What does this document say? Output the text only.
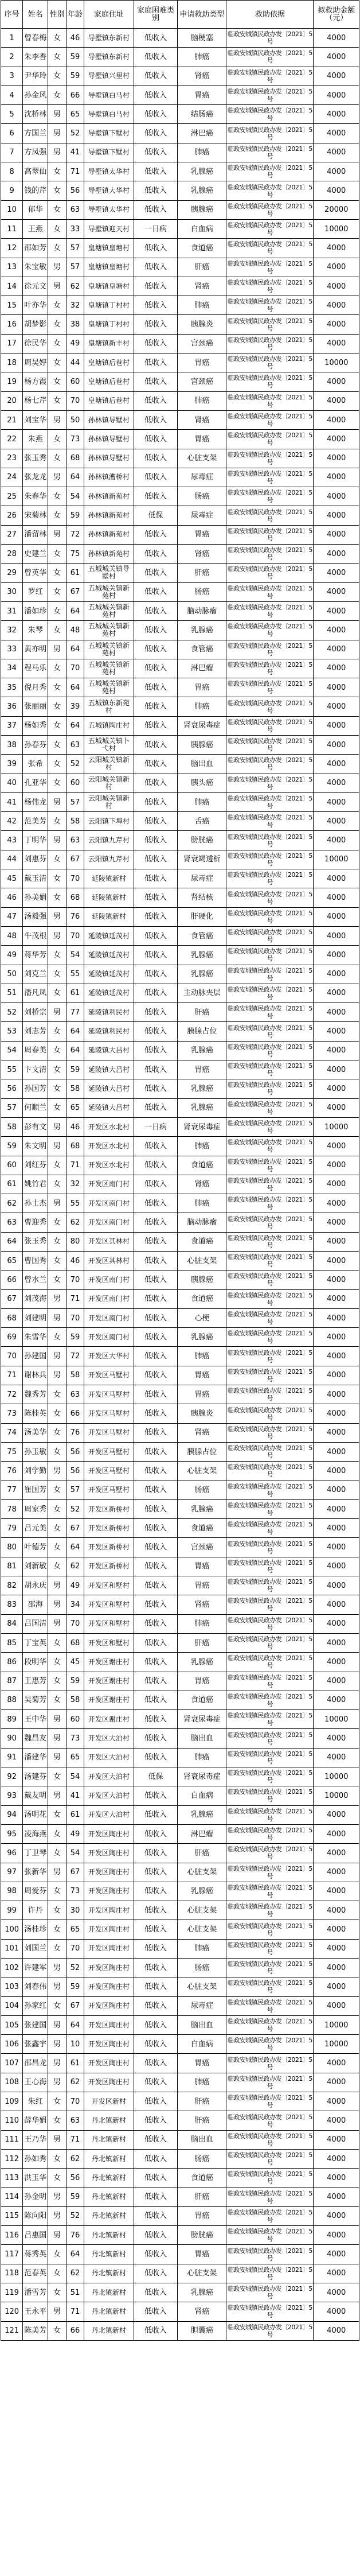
序号	姓名	性别	年龄	家庭住址	家庭困难类别	申请救助类型	救助依据	拟救助金额（元）
1	曾春梅	女	46	导墅镇东新村	低收入	脑梗塞	临政安城镇民政办发〔2021〕5号	4000
2	朱李香	女	59	导墅镇东新村	低收入	肺癌	临政安城镇民政办发〔2021〕5号	4000
3	尹华玲	女	59	导墅镇兴里村	低收入	肾癌	临政安城镇民政办发〔2021〕5号	4000
4	孙金风	女	66	导墅镇白马村	低收入	胃癌	临政安城镇民政办发〔2021〕5号	4000
5	沈桥林	男	65	导墅镇白马村	低收入	结肠癌	临政安城镇民政办发〔2021〕5号	4000
6	方国兰	男	52	导墅镇下墅村	低收入	淋巴癌	临政安城镇民政办发〔2021〕5号	4000
7	方凤强	男	41	导墅镇下墅村	低收入	肺癌	临政安城镇民政办发〔2021〕5号	4000
8	高翠仙	女	71	导墅镇太华村	低收入	乳腺癌	临政安城镇民政办发〔2021〕5号	4000
9	钱的芹	女	56	导墅镇大华村	低收入	乳腺癌	临政安城镇民政办发〔2021〕5号	4000
10	郁华	女	63	导墅镇太华村	低收入	胰腺癌	临政安城镇民政办发〔2021〕5号	20000
11	王燕	女	33	导墅镇迎天村	一日病	白血病	临政安城镇民政办发〔2021〕5号	10000
12	邵如芳	女	57	皇塘镇皇塘村	低收入	食道癌	临政安城镇民政办发〔2021〕5号	4000
13	朱宝敏	男	57	皇塘镇皇塘村	低收入	肝癌	临政安城镇民政办发〔2021〕5号	4000
14	徐元文	男	62	皇塘镇皇塘村	低收入	肾癌	临政安城镇民政办发〔2021〕5号	4000
15	叶亦华	女	32	皇塘镇丁村村	低收入	肺癌	临政安城镇民政办发〔2021〕5号	4000
16	胡梦影	女	38	皇塘镇丁村村	低收入	胰腺炎	临政安城镇民政办发〔2021〕5号	4000
17	徐民华	女	49	皇塘镇新丰村	低收入	宫颈癌	临政安城镇民政办发〔2021〕5号	4000
18	周吴婷	女	44	皇塘镇后巷村	低收入	胃癌	临政安城镇民政办发〔2021〕5号	10000
19	杨方霞	女	60	皇塘镇后巷村	低收入	宫颈癌	临政安城镇民政办发〔2021〕5号	4000
20	杨七芹	女	70	皇塘镇后巷村	低收入	肺癌	临政安城镇民政办发〔2021〕5号	4000
21	刘宝华	男	50	孙林镇导墅村	低收入	肾癌	临政安城镇民政办发〔2021〕5号	4000
22	朱燕	女	73	孙林镇导墅村	低收入	胃癌	临政安城镇民政办发〔2021〕5号	4000
23	张玉秀	女	68	孙林镇导墅村	低收入	心脏支架	临政安城镇民政办发〔2021〕5号	4000
24	张龙龙	男	64	孙林镇漕桥村	低收入	尿毒症	临政安城镇民政办发〔2021〕5号	4000
25	朱春华	女	54	孙林镇新苑村	低收入	肠癌	临政安城镇民政办发〔2021〕5号	4000
26	宋菊林	女	59	孙林镇新苑村	低保	尿毒症	临政安城镇民政办发〔2021〕5号	4000
27	潘留林	男	72	孙林镇新苑村	低收入	胃癌	临政安城镇民政办发〔2021〕5号	4000
28	史建兰	女	75	孙林镇新苑村	低收入	肾癌	临政安城镇民政办发〔2021〕5号	4000
29	曾英华	女	61	五城城关镇导墅村	低收入	肝癌	临政安城镇民政办发〔2021〕5号	4000
30	罗红	女	67	五城城关镇新苑村	低收入	肠癌	临政安城镇民政办发〔2021〕5号	4000
31	潘如珍	女	64	五城城关镇新苑村	低收入	脑动脉瘤	临政安城镇民政办发〔2021〕5号	4000
32	朱琴	女	48	五城城关镇新苑村	低收入	乳腺癌	临政安城镇民政办发〔2021〕5号	4000
33	黄亦明	男	64	五城城关镇新苑村	低收入	食管癌	临政安城镇民政办发〔2021〕5号	4000
34	程马乐	女	70	五城城关镇新苑村	低收入	淋巴瘤	临政安城镇民政办发〔2021〕5号	4000
35	倪月秀	女	64	五城城关镇新苑村	低收入	胃癌	临政安城镇民政办发〔2021〕5号	4000
36	张丽丽	女	39	五城镇东新苑村	低收入	肺癌	临政安城镇民政办发〔2021〕5号	4000
37	杨如秀	女	64	五城镇陶庄村	低收入	肾衰尿毒症	临政安城镇民政办发〔2021〕5号	4000
38	孙春芬	女	63	五城城关镇卜弋村	低收入	胰腺癌	临政安城镇民政办发〔2021〕5号	4000
39	张希	女	52	云阳城关镇新村	低收入	脑出血	临政安城镇民政办发〔2021〕5号	4000
40	孔亚华	女	60	云阳城关镇新村	低收入	胰头癌	临政安城镇民政办发〔2021〕5号	4000
41	杨伟龙	男	57	云阳城关镇新村	低收入	肺癌	临政安城镇民政办发〔2021〕5号	4000
42	范美芳	女	58	云阳镇下埠村	低收入	舌癌	临政安城镇民政办发〔2021〕5号	4000
43	丁明华	男	63	云阳镇九芹村	低收入	膀胱癌	临政安城镇民政办发〔2021〕5号	4000
44	刘惠芬	女	67	云阳镇九芹村	低收入	肾衰竭透析	临政安城镇民政办发〔2021〕5号	10000
45	戴玉清	女	70	延陵镇新村	低收入	尿毒症	临政安城镇民政办发〔2021〕5号	4000
46	孙美娟	女	68	延陵镇新村	低收入	肾结核	临政安城镇民政办发〔2021〕5号	4000
47	汤毅强	男	76	延陵镇新村	低收入	肝硬化	临政安城镇民政办发〔2021〕5号	4000
48	牛茂根	男	70	延陵镇延茂村	低收入	食管癌	临政安城镇民政办发〔2021〕5号	4000
49	蒋华芳	女	54	延陵镇延茂村	低收入	乳腺癌	临政安城镇民政办发〔2021〕5号	4000
50	刘克兰	女	55	延陵镇延茂村	低收入	乳腺癌	临政安城镇民政办发〔2021〕5号	4000
51	潘凡凤	女	61	延陵镇延茂村	低收入	主动脉夹层	临政安城镇民政办发〔2021〕5号	4000
52	刘桥宗	男	77	延陵镇利民村	低收入	肝癌	临政安城镇民政办发〔2021〕5号	4000
53	刘志芳	女	64	延陵镇利民村	低收入	胰腺占位	临政安城镇民政办发〔2021〕5号	4000
54	周春美	女	64	延陵镇大吕村	低收入	乳腺癌	临政安城镇民政办发〔2021〕5号	4000
55	卞文清	女	59	延陵镇大吕村	低收入	胃癌	临政安城镇民政办发〔2021〕5号	4000
56	孙国芳	女	58	延陵镇大吕村	低收入	乳腺癌	临政安城镇民政办发〔2021〕5号	4000
57	何顺兰	女	65	延陵镇大吕村	低收入	乳腺癌	临政安城镇民政办发〔2021〕5号	4000
58	彭有文	男	46	开发区水北村	一日病	肾衰尿毒症	临政安城镇民政办发〔2021〕5号	10000
59	朱文明	男	68	开发区水北村	低收入	肺癌	临政安城镇民政办发〔2021〕5号	4000
60	刘红芬	女	71	开发区水北村	低收入	食道癌	临政安城镇民政办发〔2021〕5号	4000
61	姚竹君	女	32	开发区南门村	低收入	肾癌	临政安城镇民政办发〔2021〕5号	4000
62	孙士杰	男	55	开发区南门村	低收入	肺癌	临政安城镇民政办发〔2021〕5号	4000
63	曹迎秀	女	62	开发区南门村	低收入	脑动脉瘤	临政安城镇民政办发〔2021〕5号	4000
64	张玉秀	女	80	开发区其林村	低收入	食道癌	临政安城镇民政办发〔2021〕5号	4000
65	曹国秀	女	46	开发区其林村	低收入	心脏支架	临政安城镇民政办发〔2021〕5号	4000
66	曾水兰	女	70	开发区南门村	低收入	胰腺癌	临政安城镇民政办发〔2021〕5号	4000
67	刘茂海	男	71	开发区南门村	低收入	食道癌	临政安城镇民政办发〔2021〕5号	4000
68	刘建明	男	70	开发区南门村	低收入	心梗	临政安城镇民政办发〔2021〕5号	4000
69	朱雪华	女	59	开发区南门村	低收入	乳腺癌	临政安城镇民政办发〔2021〕5号	4000
70	孙建国	男	72	开发区大华村	低收入	肺癌	临政安城镇民政办发〔2021〕5号	4000
71	谢林兵	男	58	开发区马墅村	低收入	胃癌	临政安城镇民政办发〔2021〕5号	4000
72	魏秀芳	女	63	开发区马墅村	低收入	胃癌	临政安城镇民政办发〔2021〕5号	4000
73	陈桂英	女	66	开发区马墅村	低收入	胰腺炎	临政安城镇民政办发〔2021〕5号	4000
74	汤美华	女	76	开发区马墅村	低收入	肾癌	临政安城镇民政办发〔2021〕5号	4000
75	孙玉敏	女	56	开发区马墅村	低收入	胰腺占位	临政安城镇民政办发〔2021〕5号	4000
76	刘学勤	男	56	开发区马墅村	低收入	心脏支架	临政安城镇民政办发〔2021〕5号	4000
77	崔国芳	女	57	开发区马墅村	低收入	肠癌	临政安城镇民政办发〔2021〕5号	4000
78	周家秀	女	52	开发区新桥村	低收入	乳腺癌	临政安城镇民政办发〔2021〕5号	4000
79	吕元美	女	67	开发区新桥村	低收入	食道癌	临政安城镇民政办发〔2021〕5号	4000
80	叶德芳	女	64	开发区新桥村	低收入	宫颈癌	临政安城镇民政办发〔2021〕5号	4000
81	刘新敏	女	62	开发区新桥村	低收入	胃癌	临政安城镇民政办发〔2021〕5号	4000
82	胡永庆	男	49	开发区和墅村	低收入	胃癌	临政安城镇民政办发〔2021〕5号	4000
83	邵海	男	34	开发区和墅村	低收入	肾癌	临政安城镇民政办发〔2021〕5号	4000
84	吕国清	男	70	开发区和墅村	低收入	肺癌	临政安城镇民政办发〔2021〕5号	4000
85	丁宝英	女	68	开发区和墅村	低收入	肝癌	临政安城镇民政办发〔2021〕5号	4000
86	段明华	女	45	开发区谢庄村	低收入	乳腺癌	临政安城镇民政办发〔2021〕5号	4000
87	王惠芳	女	59	开发区谢庄村	低收入	胃癌	临政安城镇民政办发〔2021〕5号	4000
88	吴菊芳	女	58	开发区谢庄村	低收入	食道癌	临政安城镇民政办发〔2021〕5号	4000
89	王中华	男	60	开发区谢庄村	低收入	肾衰尿毒症	临政安城镇民政办发〔2021〕5号	10000
90	魏昌友	男	73	开发区大泊村	低收入	脑出血	临政安城镇民政办发〔2021〕5号	4000
91	潘建华	男	65	开发区大泊村	低收入	肺癌	临政安城镇民政办发〔2021〕5号	4000
92	汤建芬	女	54	开发区大泊村	低保	肾衰尿毒症	临政安城镇民政办发〔2021〕5号	10000
93	戴友明	男	41	开发区大泊村	低收入	白血病	临政安城镇民政办发〔2021〕5号	10000
94	汤明花	女	61	开发区大泊村	低收入	乳腺癌	临政安城镇民政办发〔2021〕5号	4000
95	凌海燕	女	49	开发区陶庄村	低收入	淋巴瘤	临政安城镇民政办发〔2021〕5号	4000
96	丁卫琴	女	54	开发区陶庄村	低收入	肝癌	临政安城镇民政办发〔2021〕5号	4000
97	张新华	男	67	开发区陶庄村	低收入	心脏支架	临政安城镇民政办发〔2021〕5号	4000
98	周爱芬	女	73	开发区陶庄村	低收入	乳腺癌	临政安城镇民政办发〔2021〕5号	4000
99	许丹	女	30	开发区陶庄村	低收入	心脏支架	临政安城镇民政办发〔2021〕5号	4000
100	汤桂珍	女	65	开发区陶庄村	低收入	心脏支架	临政安城镇民政办发〔2021〕5号	4000
101	刘国兰	女	70	开发区陶庄村	低收入	肺癌	临政安城镇民政办发〔2021〕5号	4000
102	许建军	男	52	开发区陶庄村	低收入	肠癌	临政安城镇民政办发〔2021〕5号	4000
103	刘春伟	男	59	开发区陶庄村	低收入	心脏支架	临政安城镇民政办发〔2021〕5号	4000
104	孙家红	女	67	开发区陶庄村	低收入	尿毒症	临政安城镇民政办发〔2021〕5号	4000
105	张建国	男	64	开发区陶庄村	低收入	脑出血	临政安城镇民政办发〔2021〕5号	10000
106	张鑫宇	男	10	开发区陶庄村	低收入	白血病	临政安城镇民政办发〔2021〕5号	10000
107	邵昌龙	男	61	开发区陶庄村	低收入	胃癌	临政安城镇民政办发〔2021〕5号	4000
108	王心海	男	62	开发区陶庄村	低收入	肺癌	临政安城镇民政办发〔2021〕5号	4000
109	朱红	女	70	开发区新村	低收入	肝癌	临政安城镇民政办发〔2021〕5号	4000
110	薛华娟	女	63	丹北镇新村	低收入	肝癌	临政安城镇民政办发〔2021〕5号	4000
111	王乃华	男	71	丹北镇新村	低收入	脑出血	临政安城镇民政办发〔2021〕5号	4000
112	孙如秀	女	62	丹北镇新村	低收入	肠癌	临政安城镇民政办发〔2021〕5号	4000
113	洪玉华	女	56	丹北镇新村	低收入	食道癌	临政安城镇民政办发〔2021〕5号	4000
114	孙金明	男	59	丹北镇新村	低收入	肝癌	临政安城镇民政办发〔2021〕5号	4000
115	陈向阳	男	52	丹北镇新村	低收入	胃癌	临政安城镇民政办发〔2021〕5号	4000
116	吕惠国	男	76	丹北镇新村	低收入	膀胱癌	临政安城镇民政办发〔2021〕5号	4000
117	蒋秀英	女	64	丹北镇新村	低收入	胃癌	临政安城镇民政办发〔2021〕5号	4000
118	范春英	女	62	丹北镇新村	低收入	心脏支架	临政安城镇民政办发〔2021〕5号	4000
119	潘雪芳	女	51	丹北镇新村	低收入	乳腺癌	临政安城镇民政办发〔2021〕5号	4000
120	王永平	男	71	丹北镇新村	低收入	肾癌	临政安城镇民政办发〔2021〕5号	4000
121	陈美芳	女	66	丹北镇新村	低收入	胆囊癌	临政安城镇民政办发〔2021〕5号	4000
